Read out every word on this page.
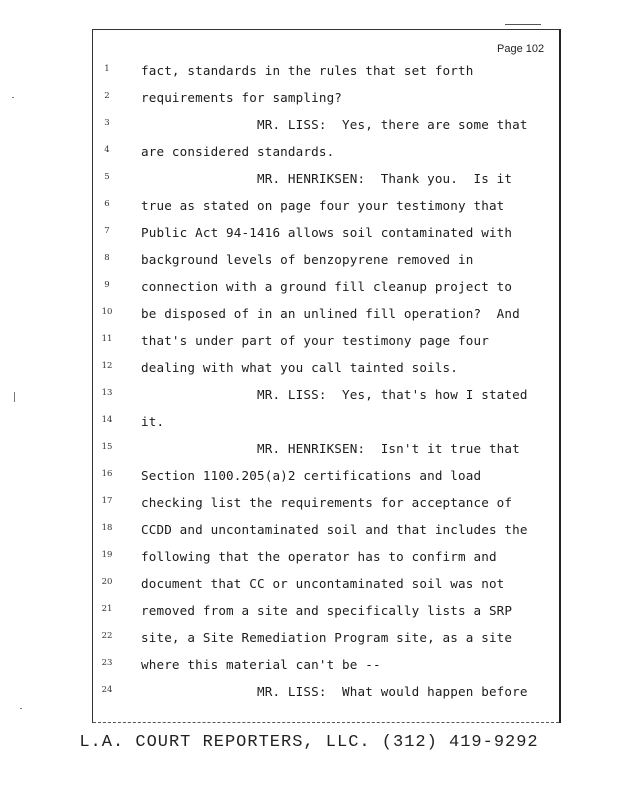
Page 102
1	fact, standards in the rules that set forth
2	requirements for sampling?
3	MR. LISS:  Yes, there are some that
4	are considered standards.
5	MR. HENRIKSEN:  Thank you.  Is it
6	true as stated on page four your testimony that
7	Public Act 94-1416 allows soil contaminated with
8	background levels of benzopyrene removed in
9	connection with a ground fill cleanup project to
10	be disposed of in an unlined fill operation?  And
11	that's under part of your testimony page four
12	dealing with what you call tainted soils.
13	MR. LISS:  Yes, that's how I stated
14	it.
15	MR. HENRIKSEN:  Isn't it true that
16	Section 1100.205(a)2 certifications and load
17	checking list the requirements for acceptance of
18	CCDD and uncontaminated soil and that includes the
19	following that the operator has to confirm and
20	document that CC or uncontaminated soil was not
21	removed from a site and specifically lists a SRP
22	site, a Site Remediation Program site, as a site
23	where this material can't be --
24	MR. LISS:  What would happen before
L.A. COURT REPORTERS, LLC. (312) 419-9292
